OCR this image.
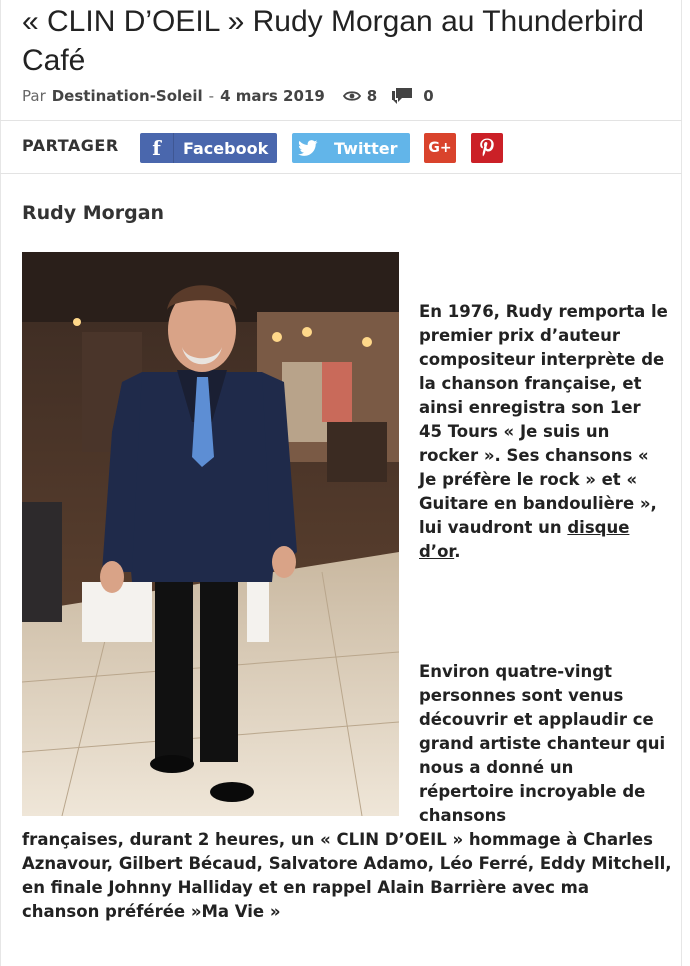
« CLIN D’OEIL » Rudy Morgan au Thunderbird Café
Par Destination-Soleil - 4 mars 2019	8	0
PARTAGER	f	Facebook	Twitter G+
Rudy Morgan
En 1976, Rudy remporta le premier prix d’auteur compositeur interprète de la chanson française, et ainsi enregistra son 1er 45 Tours « Je suis un rocker ». Ses chansons « Je préfère le rock » et « Guitare en bandoulière », lui vaudront un disque d’or.
Environ quatre-vingt personnes sont venus découvrir et applaudir ce grand artiste chanteur qui nous a donné un répertoire incroyable de chansons
françaises, durant 2 heures, un « CLIN D’OEIL » hommage à Charles Aznavour, Gilbert Bécaud, Salvatore Adamo, Léo Ferré, Eddy Mitchell, en finale Johnny Halliday et en rappel Alain Barrière avec ma chanson préférée »Ma Vie »
